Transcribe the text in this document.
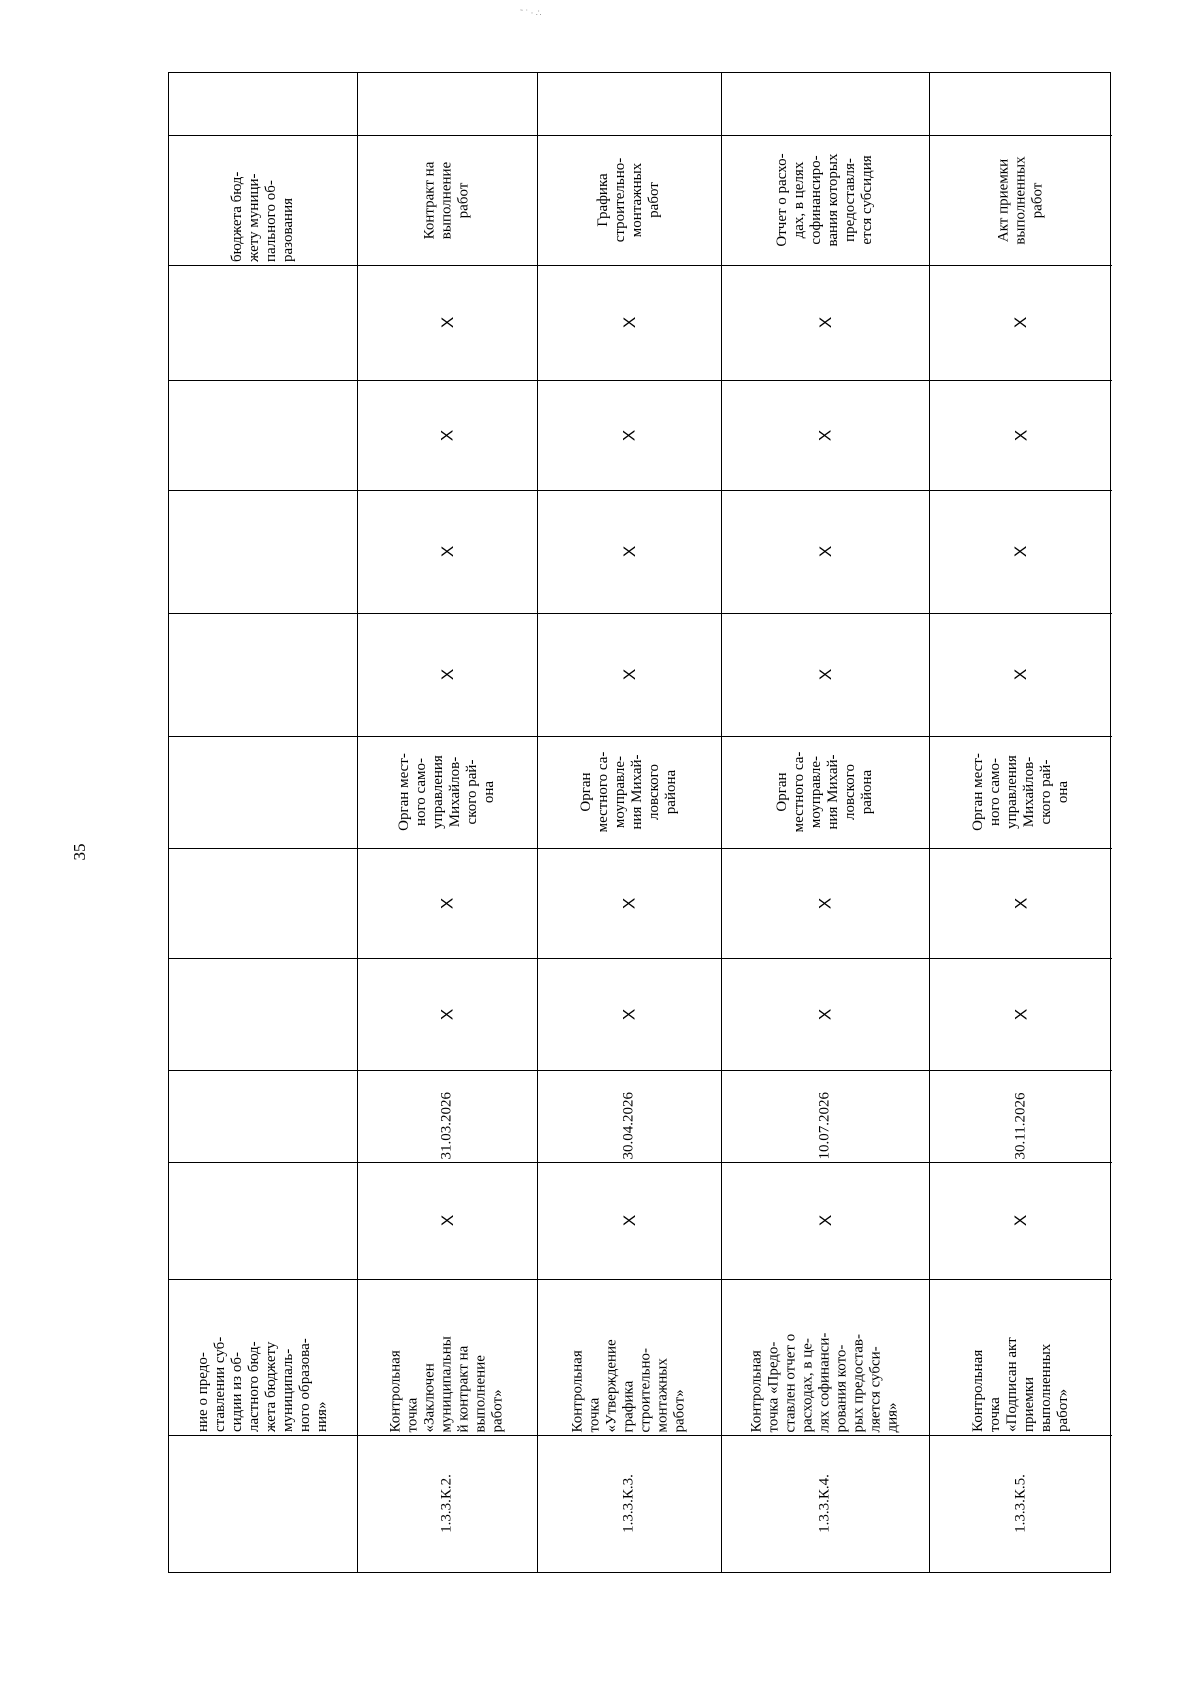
35
˜ ˙ · ∴
ние о предо-
ставлении суб-
сидии из об-
ластного бюд-
жета бюджету
муниципаль-
ного образова-
ния»
бюджета бюд-
жету муници-
пального об-
разования
1.3.3.К.2.
Контрольная
точка
«Заключен
муниципальны
й контракт на
выполнение
работ»
Х
31.03.2026
Х
Х
Орган мест-
ного само-
управления
Михайлов-
ского рай-
она
Х
Х
Х
Х
Контракт на
выполнение
работ
1.3.3.К.3.
Контрольная
точка
«Утверждение
графика
строительно-
монтажных
работ»
Х
30.04.2026
Х
Х
Орган
местного са-
моуправле-
ния Михай-
ловского
района
Х
Х
Х
Х
Графика
строительно-
монтажных
работ
1.3.3.К.4.
Контрольная
точка «Предо-
ставлен отчет о
расходах, в це-
лях софинанси-
рования кото-
рых предостав-
ляется субси-
дия»
Х
10.07.2026
Х
Х
Орган
местного са-
моуправле-
ния Михай-
ловского
района
Х
Х
Х
Х
Отчет о расхо-
дах, в целях
софинансиро-
вания которых
предоставля-
ется субсидия
1.3.3.К.5.
Контрольная
точка
«Подписан акт
приемки
выполненных
работ»
Х
30.11.2026
Х
Х
Орган мест-
ного само-
управления
Михайлов-
ского рай-
она
Х
Х
Х
Х
Акт приемки
выполненных
работ
